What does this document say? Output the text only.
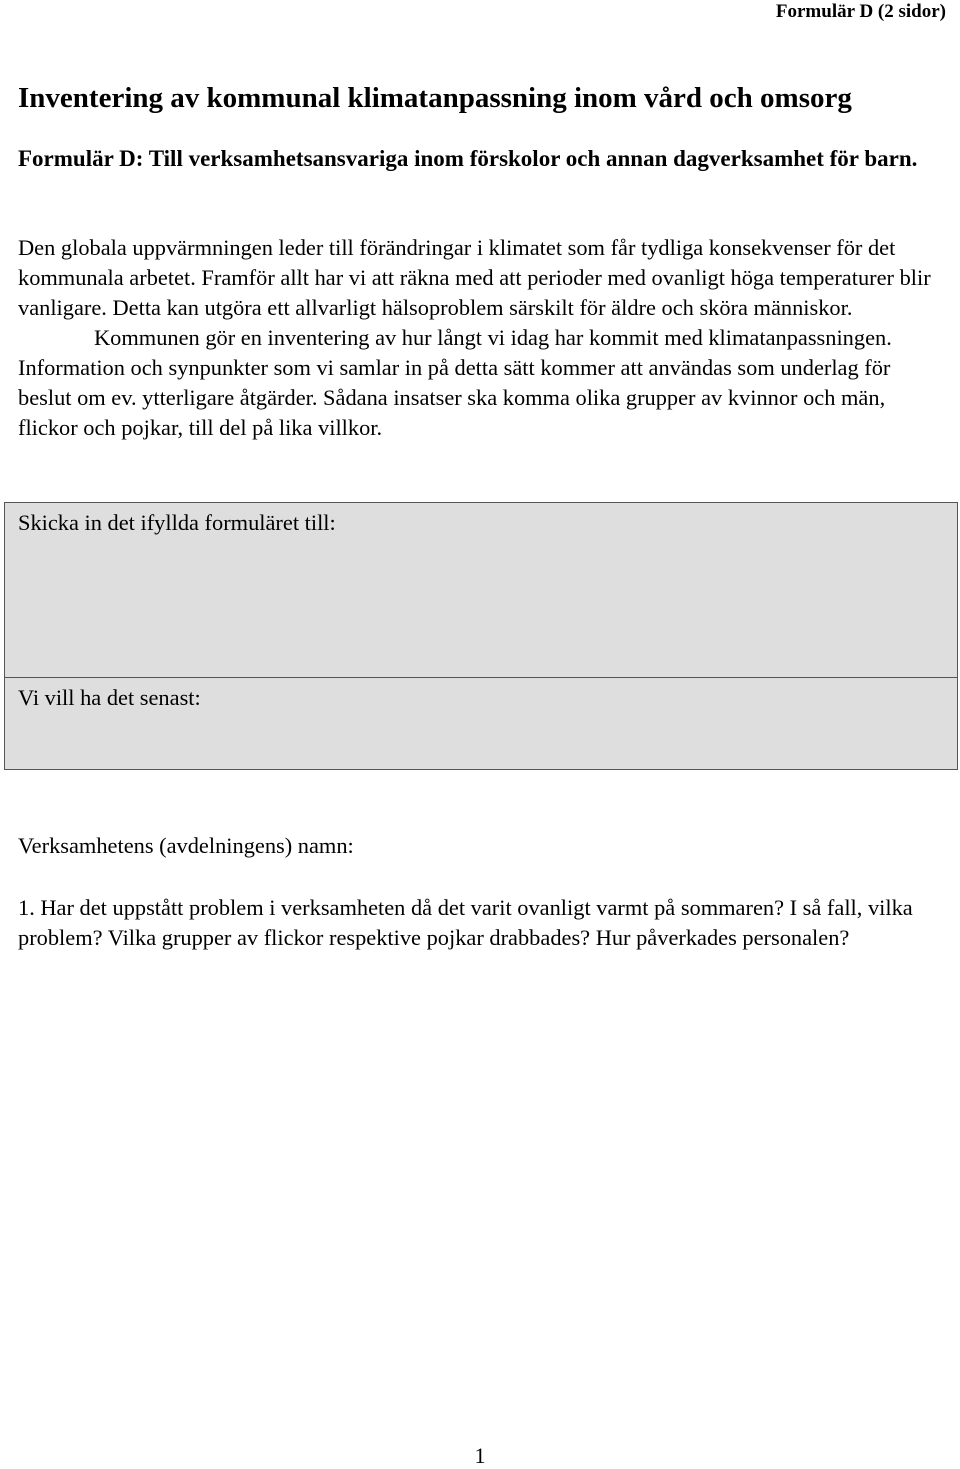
Formulär D (2 sidor)
Inventering av kommunal klimatanpassning inom vård och omsorg
Formulär D: Till verksamhetsansvariga inom förskolor och annan dagverksamhet för barn.

Den globala uppvärmningen leder till förändringar i klimatet som får tydliga konsekvenser för det kommunala arbetet. Framför allt har vi att räkna med att perioder med ovanligt höga temperaturer blir vanligare. Detta kan utgöra ett allvarligt hälsoproblem särskilt för äldre och sköra människor.

Kommunen gör en inventering av hur långt vi idag har kommit med klimatanpassningen. Information och synpunkter som vi samlar in på detta sätt kommer att användas som underlag för beslut om ev. ytterligare åtgärder. Sådana insatser ska komma olika grupper av kvinnor och män, flickor och pojkar, till del på lika villkor.

Skicka in det ifyllda formuläret till:
Vi vill ha det senast:

Verksamhetens (avdelningens) namn:

1. Har det uppstått problem i verksamheten då det varit ovanligt varmt på sommaren? I så fall, vilka problem? Vilka grupper av flickor respektive pojkar drabbades? Hur påverkades personalen?

1
